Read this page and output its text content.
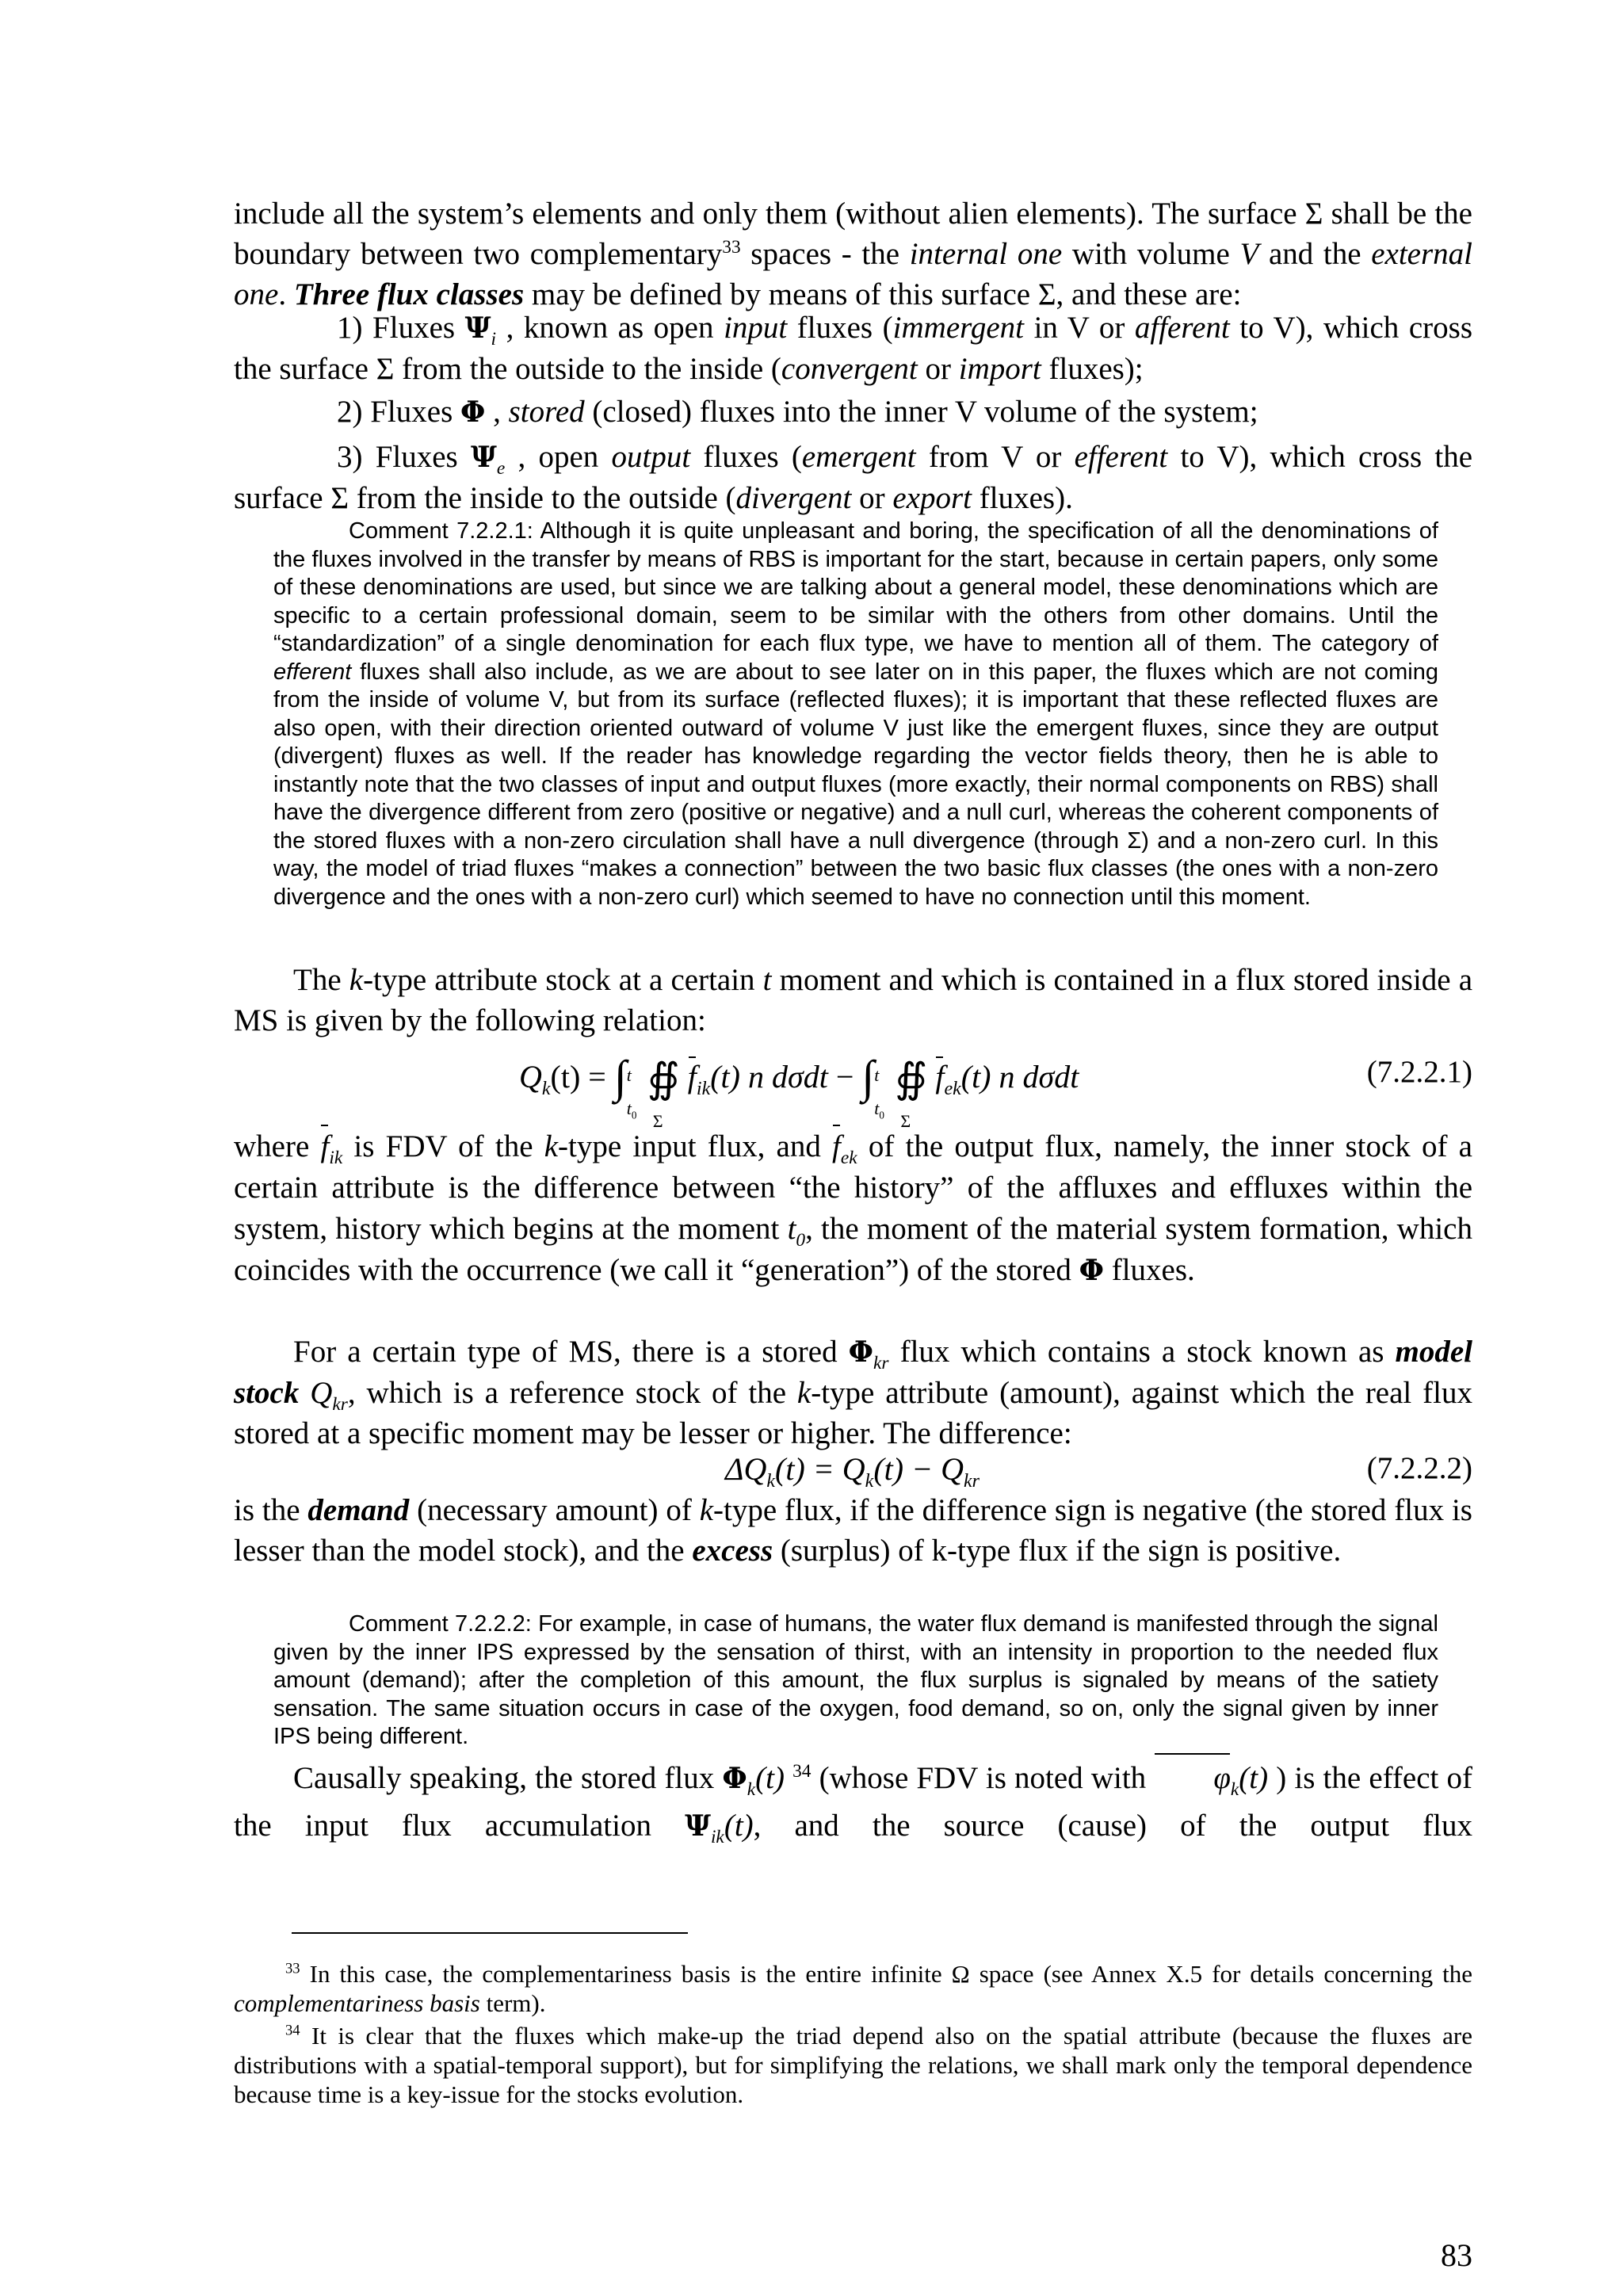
include all the system’s elements and only them (without alien elements). The surface Σ shall be the boundary between two complementary$^{33}$ spaces - the internal one with volume V and the external one. Three flux classes may be defined by means of this surface Σ, and these are:

1) Fluxes $\Psi_i$ , known as open input fluxes (immergent in V or afferent to V), which cross the surface Σ from the outside to the inside (convergent or import fluxes);

2) Fluxes Φ , stored (closed) fluxes into the inner V volume of the system;

3) Fluxes $\Psi_e$ , open output fluxes (emergent from V or efferent to V), which cross the surface Σ from the inside to the outside (divergent or export fluxes).

Comment 7.2.2.1: Although it is quite unpleasant and boring, the specification of all the denominations of the fluxes involved in the transfer by means of RBS is important for the start, because in certain papers, only some of these denominations are used, but since we are talking about a general model, these denominations which are specific to a certain professional domain, seem to be similar with the others from other domains. Until the “standardization” of a single denomination for each flux type, we have to mention all of them. The category of efferent fluxes shall also include, as we are about to see later on in this paper, the fluxes which are not coming from the inside of volume V, but from its surface (reflected fluxes); it is important that these reflected fluxes are also open, with their direction oriented outward of volume V just like the emergent fluxes, since they are output (divergent) fluxes as well. If the reader has knowledge regarding the vector fields theory, then he is able to instantly note that the two classes of input and output fluxes (more exactly, their normal components on RBS) shall have the divergence different from zero (positive or negative) and a null curl, whereas the coherent components of the stored fluxes with a non-zero circulation shall have a null divergence (through Σ) and a non-zero curl. In this way, the model of triad fluxes “makes a connection” between the two basic flux classes (the ones with a non-zero divergence and the ones with a non-zero curl) which seemed to have no connection until this moment.

The k-type attribute stock at a certain t moment and which is contained in a flux stored inside a MS is given by the following relation:

$Q_k(t)$ = ∫ t
$t_0$
∯
Σ
$f_{ik}(t)$ n dσdt − ∫ t
$t_0$
∯
Σ
$f_{ek}(t)$ n dσdt	(7.2.2.1)

where $f_{ik}$ is FDV of the k-type input flux, and $f_{ek}$ of the output flux, namely, the inner stock of a certain attribute is the difference between “the history” of the affluxes and effluxes within the system, history which begins at the moment $t_0$, the moment of the material system formation, which coincides with the occurrence (we call it “generation”) of the stored Φ fluxes.

For a certain type of MS, there is a stored $\Phi_{kr}$ flux which contains a stock known as model stock $Q_{kr}$, which is a reference stock of the k-type attribute (amount), against which the real flux stored at a specific moment may be lesser or higher. The difference:

$\Delta Q_k(t) = Q_k(t) - Q_{kr}$	(7.2.2.2)

is the demand (necessary amount) of k-type flux, if the difference sign is negative (the stored flux is lesser than the model stock), and the excess (surplus) of k-type flux if the sign is positive.

Comment 7.2.2.2: For example, in case of humans, the water flux demand is manifested through the signal given by the inner IPS expressed by the sensation of thirst, with an intensity in proportion to the needed flux amount (demand); after the completion of this amount, the flux surplus is signaled by means of the satiety sensation. The same situation occurs in case of the oxygen, food demand, so on, only the signal given by inner IPS being different.

Causally speaking, the stored flux $\Phi_k(t)$ $^{34}$ (whose FDV is noted with $\varphi_k(t)$ ) is the effect of the input flux accumulation $\Psi_{ik}(t)$, and the source (cause) of the output flux

$^{33}$ In this case, the complementariness basis is the entire infinite Ω space (see Annex X.5 for details concerning the complementariness basis term).

$^{34}$ It is clear that the fluxes which make-up the triad depend also on the spatial attribute (because the fluxes are distributions with a spatial-temporal support), but for simplifying the relations, we shall mark only the temporal dependence because time is a key-issue for the stocks evolution.

83
